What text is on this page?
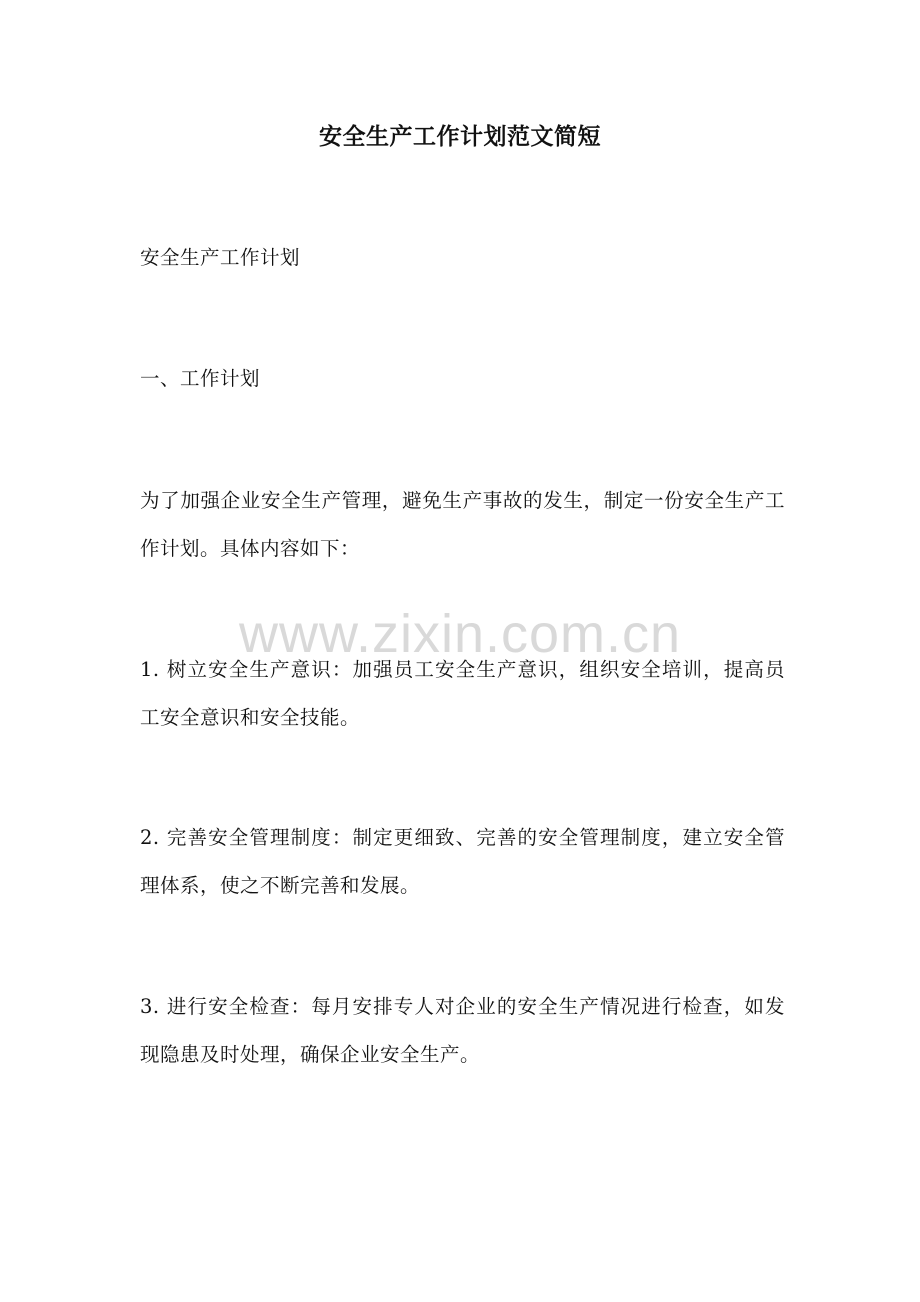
安全生产工作计划范文简短

安全生产工作计划

一、工作计划

为了加强企业安全生产管理，避免生产事故的发生，制定一份安全生产工作计划。具体内容如下：

www.zixin.com.cn

1. 树立安全生产意识：加强员工安全生产意识，组织安全培训，提高员工安全意识和安全技能。

2. 完善安全管理制度：制定更细致、完善的安全管理制度，建立安全管理体系，使之不断完善和发展。

3. 进行安全检查：每月安排专人对企业的安全生产情况进行检查，如发现隐患及时处理，确保企业安全生产。
